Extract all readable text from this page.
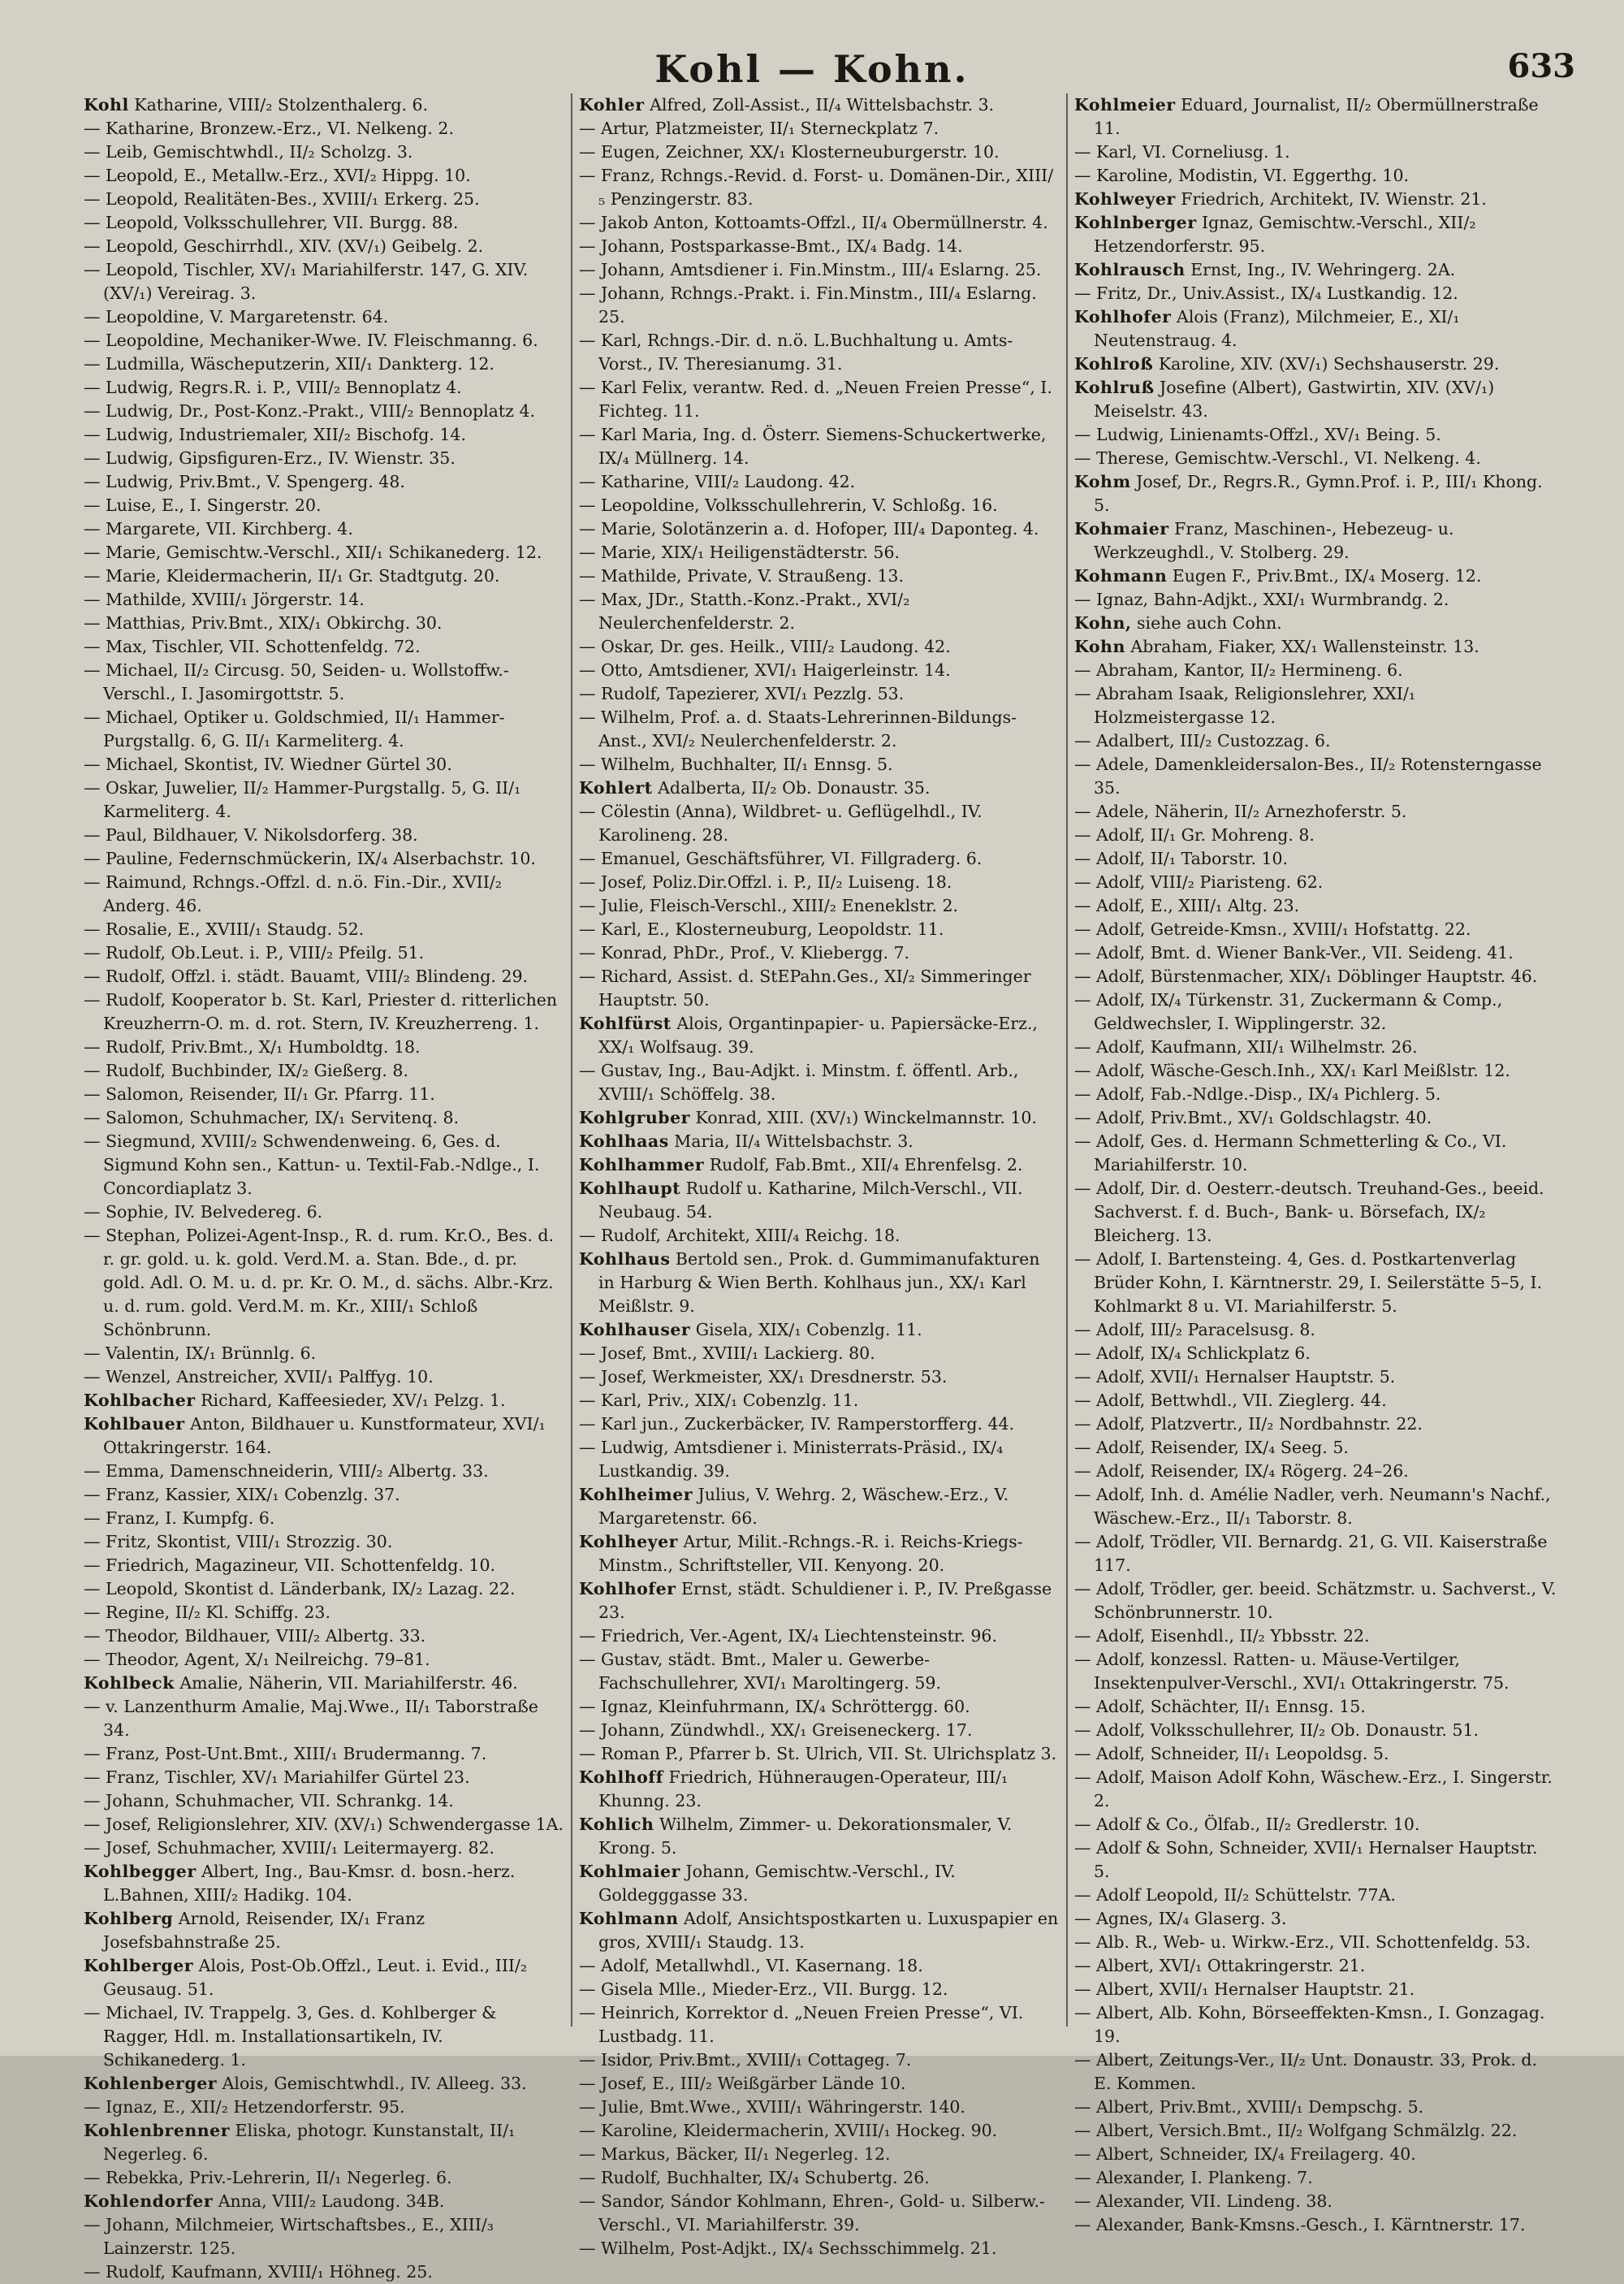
Kohl — Kohn.	633
Kohl Katharine, VIII/₂ Stolzenthalerg. 6.
— Katharine, Bronzew.-Erz., VI. Nelkeng. 2.
— Leib, Gemischtwhdl., II/₂ Scholzg. 3.
— Leopold, E., Metallw.-Erz., XVI/₂ Hippg. 10.
— Leopold, Realitäten-Bes., XVIII/₁ Erkerg. 25.
— Leopold, Volksschullehrer, VII. Burgg. 88.
— Leopold, Geschirrhdl., XIV. (XV/₁) Geibelg. 2.
— Leopold, Tischler, XV/₁ Mariahilferstr. 147, G. XIV. (XV/₁) Vereirag. 3.
— Leopoldine, V. Margaretenstr. 64.
— Leopoldine, Mechaniker-Wwe. IV. Fleischmanng. 6.
— Ludmilla, Wäscheputzerin, XII/₁ Dankterg. 12.
— Ludwig, Regrs.R. i. P., VIII/₂ Bennoplatz 4.
— Ludwig, Dr., Post-Konz.-Prakt., VIII/₂ Bennoplatz 4.
— Ludwig, Industriemaler, XII/₂ Bischofg. 14.
— Ludwig, Gipsfiguren-Erz., IV. Wienstr. 35.
— Ludwig, Priv.Bmt., V. Spengerg. 48.
— Luise, E., I. Singerstr. 20.
— Margarete, VII. Kirchberg. 4.
— Marie, Gemischtw.-Verschl., XII/₁ Schikanederg. 12.
— Marie, Kleidermacherin, II/₁ Gr. Stadtgutg. 20.
— Mathilde, XVIII/₁ Jörgerstr. 14.
— Matthias, Priv.Bmt., XIX/₁ Obkirchg. 30.
— Max, Tischler, VII. Schottenfeldg. 72.
— Michael, II/₂ Circusg. 50, Seiden- u. Wollstoffw.-Verschl., I. Jasomirgottstr. 5.
— Michael, Optiker u. Goldschmied, II/₁ Hammer-Purgstallg. 6, G. II/₁ Karmeliterg. 4.
— Michael, Skontist, IV. Wiedner Gürtel 30.
— Oskar, Juwelier, II/₂ Hammer-Purgstallg. 5, G. II/₁ Karmeliterg. 4.
— Paul, Bildhauer, V. Nikolsdorferg. 38.
— Pauline, Federnschmückerin, IX/₄ Alserbachstr. 10.
— Raimund, Rchngs.-Offzl. d. n.ö. Fin.-Dir., XVII/₂ Anderg. 46.
— Rosalie, E., XVIII/₁ Staudg. 52.
— Rudolf, Ob.Leut. i. P., VIII/₂ Pfeilg. 51.
— Rudolf, Offzl. i. städt. Bauamt, VIII/₂ Blindeng. 29.
— Rudolf, Kooperator b. St. Karl, Priester d. ritterlichen Kreuzherrn-O. m. d. rot. Stern, IV. Kreuzherreng. 1.
— Rudolf, Priv.Bmt., X/₁ Humboldtg. 18.
— Rudolf, Buchbinder, IX/₂ Gießerg. 8.
— Salomon, Reisender, II/₁ Gr. Pfarrg. 11.
— Salomon, Schuhmacher, IX/₁ Servitenq. 8.
— Siegmund, XVIII/₂ Schwendenweing. 6, Ges. d. Sigmund Kohn sen., Kattun- u. Textil-Fab.-Ndlge., I. Concordiaplatz 3.
— Sophie, IV. Belvedereg. 6.
— Stephan, Polizei-Agent-Insp., R. d. rum. Kr.O., Bes. d. r. gr. gold. u. k. gold. Verd.M. a. Stan. Bde., d. pr. gold. Adl. O. M. u. d. pr. Kr. O. M., d. sächs. Albr.-Krz. u. d. rum. gold. Verd.M. m. Kr., XIII/₁ Schloß Schönbrunn.
— Valentin, IX/₁ Brünnlg. 6.
— Wenzel, Anstreicher, XVII/₁ Palffyg. 10.
Kohlbacher Richard, Kaffeesieder, XV/₁ Pelzg. 1.
Kohlbauer Anton, Bildhauer u. Kunstformateur, XVI/₁ Ottakringerstr. 164.
— Emma, Damenschneiderin, VIII/₂ Albertg. 33.
— Franz, Kassier, XIX/₁ Cobenzlg. 37.
— Franz, I. Kumpfg. 6.
— Fritz, Skontist, VIII/₁ Strozzig. 30.
— Friedrich, Magazineur, VII. Schottenfeldg. 10.
— Leopold, Skontist d. Länderbank, IX/₂ Lazag. 22.
— Regine, II/₂ Kl. Schiffg. 23.
— Theodor, Bildhauer, VIII/₂ Albertg. 33.
— Theodor, Agent, X/₁ Neilreichg. 79–81.
Kohlbeck Amalie, Näherin, VII. Mariahilferstr. 46.
— v. Lanzenthurm Amalie, Maj.Wwe., II/₁ Taborstraße 34.
— Franz, Post-Unt.Bmt., XIII/₁ Brudermanng. 7.
— Franz, Tischler, XV/₁ Mariahilfer Gürtel 23.
— Johann, Schuhmacher, VII. Schrankg. 14.
— Josef, Religionslehrer, XIV. (XV/₁) Schwendergasse 1A.
— Josef, Schuhmacher, XVIII/₁ Leitermayerg. 82.
Kohlbegger Albert, Ing., Bau-Kmsr. d. bosn.-herz. L.Bahnen, XIII/₂ Hadikg. 104.
Kohlberg Arnold, Reisender, IX/₁ Franz Josefsbahnstraße 25.
Kohlberger Alois, Post-Ob.Offzl., Leut. i. Evid., III/₂ Geusaug. 51.
— Michael, IV. Trappelg. 3, Ges. d. Kohlberger & Ragger, Hdl. m. Installationsartikeln, IV. Schikanederg. 1.
Kohlenberger Alois, Gemischtwhdl., IV. Alleeg. 33.
— Ignaz, E., XII/₂ Hetzendorferstr. 95.
Kohlenbrenner Eliska, photogr. Kunstanstalt, II/₁ Negerleg. 6.
— Rebekka, Priv.-Lehrerin, II/₁ Negerleg. 6.
Kohlendorfer Anna, VIII/₂ Laudong. 34B.
— Johann, Milchmeier, Wirtschaftsbes., E., XIII/₃ Lainzerstr. 125.
— Rudolf, Kaufmann, XVIII/₁ Höhneg. 25.
Kohler Alfred, Zoll-Assist., II/₄ Wittelsbachstr. 3.
— Artur, Platzmeister, II/₁ Sterneckplatz 7.
— Eugen, Zeichner, XX/₁ Klosterneuburgerstr. 10.
— Franz, Rchngs.-Revid. d. Forst- u. Domänen-Dir., XIII/₅ Penzingerstr. 83.
— Jakob Anton, Kottoamts-Offzl., II/₄ Obermüllnerstr. 4.
— Johann, Postsparkasse-Bmt., IX/₄ Badg. 14.
— Johann, Amtsdiener i. Fin.Minstm., III/₄ Eslarng. 25.
— Johann, Rchngs.-Prakt. i. Fin.Minstm., III/₄ Eslarng. 25.
— Karl, Rchngs.-Dir. d. n.ö. L.Buchhaltung u. Amts-Vorst., IV. Theresianumg. 31.
— Karl Felix, verantw. Red. d. „Neuen Freien Presse“, I. Fichteg. 11.
— Karl Maria, Ing. d. Österr. Siemens-Schuckertwerke, IX/₄ Müllnerg. 14.
— Katharine, VIII/₂ Laudong. 42.
— Leopoldine, Volksschullehrerin, V. Schloßg. 16.
— Marie, Solotänzerin a. d. Hofoper, III/₄ Daponteg. 4.
— Marie, XIX/₁ Heiligenstädterstr. 56.
— Mathilde, Private, V. Straußeng. 13.
— Max, JDr., Statth.-Konz.-Prakt., XVI/₂ Neulerchenfelderstr. 2.
— Oskar, Dr. ges. Heilk., VIII/₂ Laudong. 42.
— Otto, Amtsdiener, XVI/₁ Haigerleinstr. 14.
— Rudolf, Tapezierer, XVI/₁ Pezzlg. 53.
— Wilhelm, Prof. a. d. Staats-Lehrerinnen-Bildungs-Anst., XVI/₂ Neulerchenfelderstr. 2.
— Wilhelm, Buchhalter, II/₁ Ennsg. 5.
Kohlert Adalberta, II/₂ Ob. Donaustr. 35.
— Cölestin (Anna), Wildbret- u. Geflügelhdl., IV. Karolineng. 28.
— Emanuel, Geschäftsführer, VI. Fillgraderg. 6.
— Josef, Poliz.Dir.Offzl. i. P., II/₂ Luiseng. 18.
— Julie, Fleisch-Verschl., XIII/₂ Eneneklstr. 2.
— Karl, E., Klosterneuburg, Leopoldstr. 11.
— Konrad, PhDr., Prof., V. Kliebergg. 7.
— Richard, Assist. d. StEPahn.Ges., XI/₂ Simmeringer Hauptstr. 50.
Kohlfürst Alois, Organtinpapier- u. Papiersäcke-Erz., XX/₁ Wolfsaug. 39.
— Gustav, Ing., Bau-Adjkt. i. Minstm. f. öffentl. Arb., XVIII/₁ Schöffelg. 38.
Kohlgruber Konrad, XIII. (XV/₁) Winckelmannstr. 10.
Kohlhaas Maria, II/₄ Wittelsbachstr. 3.
Kohlhammer Rudolf, Fab.Bmt., XII/₄ Ehrenfelsg. 2.
Kohlhaupt Rudolf u. Katharine, Milch-Verschl., VII. Neubaug. 54.
— Rudolf, Architekt, XIII/₄ Reichg. 18.
Kohlhaus Bertold sen., Prok. d. Gummimanufakturen in Harburg & Wien Berth. Kohlhaus jun., XX/₁ Karl Meißlstr. 9.
Kohlhauser Gisela, XIX/₁ Cobenzlg. 11.
— Josef, Bmt., XVIII/₁ Lackierg. 80.
— Josef, Werkmeister, XX/₁ Dresdnerstr. 53.
— Karl, Priv., XIX/₁ Cobenzlg. 11.
— Karl jun., Zuckerbäcker, IV. Ramperstorfferg. 44.
— Ludwig, Amtsdiener i. Ministerrats-Präsid., IX/₄ Lustkandig. 39.
Kohlheimer Julius, V. Wehrg. 2, Wäschew.-Erz., V. Margaretenstr. 66.
Kohlheyer Artur, Milit.-Rchngs.-R. i. Reichs-Kriegs-Minstm., Schriftsteller, VII. Kenyong. 20.
Kohlhofer Ernst, städt. Schuldiener i. P., IV. Preßgasse 23.
— Friedrich, Ver.-Agent, IX/₄ Liechtensteinstr. 96.
— Gustav, städt. Bmt., Maler u. Gewerbe-Fachschullehrer, XVI/₁ Maroltingerg. 59.
— Ignaz, Kleinfuhrmann, IX/₄ Schröttergg. 60.
— Johann, Zündwhdl., XX/₁ Greiseneckerg. 17.
— Roman P., Pfarrer b. St. Ulrich, VII. St. Ulrichsplatz 3.
Kohlhoff Friedrich, Hühneraugen-Operateur, III/₁ Khunng. 23.
Kohlich Wilhelm, Zimmer- u. Dekorationsmaler, V. Krong. 5.
Kohlmaier Johann, Gemischtw.-Verschl., IV. Goldegggasse 33.
Kohlmann Adolf, Ansichtspostkarten u. Luxuspapier en gros, XVIII/₁ Staudg. 13.
— Adolf, Metallwhdl., VI. Kasernang. 18.
— Gisela Mlle., Mieder-Erz., VII. Burgg. 12.
— Heinrich, Korrektor d. „Neuen Freien Presse“, VI. Lustbadg. 11.
— Isidor, Priv.Bmt., XVIII/₁ Cottageg. 7.
— Josef, E., III/₂ Weißgärber Lände 10.
— Julie, Bmt.Wwe., XVIII/₁ Währingerstr. 140.
— Karoline, Kleidermacherin, XVIII/₁ Hockeg. 90.
— Markus, Bäcker, II/₁ Negerleg. 12.
— Rudolf, Buchhalter, IX/₄ Schubertg. 26.
— Sandor, Sándor Kohlmann, Ehren-, Gold- u. Silberw.-Verschl., VI. Mariahilferstr. 39.
— Wilhelm, Post-Adjkt., IX/₄ Sechsschimmelg. 21.
Kohlmeier Eduard, Journalist, II/₂ Obermüllnerstraße 11.
— Karl, VI. Corneliusg. 1.
— Karoline, Modistin, VI. Eggerthg. 10.
Kohlweyer Friedrich, Architekt, IV. Wienstr. 21.
Kohlnberger Ignaz, Gemischtw.-Verschl., XII/₂ Hetzendorferstr. 95.
Kohlrausch Ernst, Ing., IV. Wehringerg. 2A.
— Fritz, Dr., Univ.Assist., IX/₄ Lustkandig. 12.
Kohlhofer Alois (Franz), Milchmeier, E., XI/₁ Neutenstraug. 4.
Kohlroß Karoline, XIV. (XV/₁) Sechshauserstr. 29.
Kohlruß Josefine (Albert), Gastwirtin, XIV. (XV/₁) Meiselstr. 43.
— Ludwig, Linienamts-Offzl., XV/₁ Being. 5.
— Therese, Gemischtw.-Verschl., VI. Nelkeng. 4.
Kohm Josef, Dr., Regrs.R., Gymn.Prof. i. P., III/₁ Khong. 5.
Kohmaier Franz, Maschinen-, Hebezeug- u. Werkzeughdl., V. Stolberg. 29.
Kohmann Eugen F., Priv.Bmt., IX/₄ Moserg. 12.
— Ignaz, Bahn-Adjkt., XXI/₁ Wurmbrandg. 2.
Kohn, siehe auch Cohn.
Kohn Abraham, Fiaker, XX/₁ Wallensteinstr. 13.
— Abraham, Kantor, II/₂ Hermineng. 6.
— Abraham Isaak, Religionslehrer, XXI/₁ Holzmeistergasse 12.
— Adalbert, III/₂ Custozzag. 6.
— Adele, Damenkleidersalon-Bes., II/₂ Rotensterngasse 35.
— Adele, Näherin, II/₂ Arnezhoferstr. 5.
— Adolf, II/₁ Gr. Mohreng. 8.
— Adolf, II/₁ Taborstr. 10.
— Adolf, VIII/₂ Piaristeng. 62.
— Adolf, E., XIII/₁ Altg. 23.
— Adolf, Getreide-Kmsn., XVIII/₁ Hofstattg. 22.
— Adolf, Bmt. d. Wiener Bank-Ver., VII. Seideng. 41.
— Adolf, Bürstenmacher, XIX/₁ Döblinger Hauptstr. 46.
— Adolf, IX/₄ Türkenstr. 31, Zuckermann & Comp., Geldwechsler, I. Wipplingerstr. 32.
— Adolf, Kaufmann, XII/₁ Wilhelmstr. 26.
— Adolf, Wäsche-Gesch.Inh., XX/₁ Karl Meißlstr. 12.
— Adolf, Fab.-Ndlge.-Disp., IX/₄ Pichlerg. 5.
— Adolf, Priv.Bmt., XV/₁ Goldschlagstr. 40.
— Adolf, Ges. d. Hermann Schmetterling & Co., VI. Mariahilferstr. 10.
— Adolf, Dir. d. Oesterr.-deutsch. Treuhand-Ges., beeid. Sachverst. f. d. Buch-, Bank- u. Börsefach, IX/₂ Bleicherg. 13.
— Adolf, I. Bartensteing. 4, Ges. d. Postkartenverlag Brüder Kohn, I. Kärntnerstr. 29, I. Seilerstätte 5–5, I. Kohlmarkt 8 u. VI. Mariahilferstr. 5.
— Adolf, III/₂ Paracelsusg. 8.
— Adolf, IX/₄ Schlickplatz 6.
— Adolf, XVII/₁ Hernalser Hauptstr. 5.
— Adolf, Bettwhdl., VII. Zieglerg. 44.
— Adolf, Platzvertr., II/₂ Nordbahnstr. 22.
— Adolf, Reisender, IX/₄ Seeg. 5.
— Adolf, Reisender, IX/₄ Rögerg. 24–26.
— Adolf, Inh. d. Amélie Nadler, verh. Neumann's Nachf., Wäschew.-Erz., II/₁ Taborstr. 8.
— Adolf, Trödler, VII. Bernardg. 21, G. VII. Kaiserstraße 117.
— Adolf, Trödler, ger. beeid. Schätzmstr. u. Sachverst., V. Schönbrunnerstr. 10.
— Adolf, Eisenhdl., II/₂ Ybbsstr. 22.
— Adolf, konzessl. Ratten- u. Mäuse-Vertilger, Insektenpulver-Verschl., XVI/₁ Ottakringerstr. 75.
— Adolf, Schächter, II/₁ Ennsg. 15.
— Adolf, Volksschullehrer, II/₂ Ob. Donaustr. 51.
— Adolf, Schneider, II/₁ Leopoldsg. 5.
— Adolf, Maison Adolf Kohn, Wäschew.-Erz., I. Singerstr. 2.
— Adolf & Co., Ölfab., II/₂ Gredlerstr. 10.
— Adolf & Sohn, Schneider, XVII/₁ Hernalser Hauptstr. 5.
— Adolf Leopold, II/₂ Schüttelstr. 77A.
— Agnes, IX/₄ Glaserg. 3.
— Alb. R., Web- u. Wirkw.-Erz., VII. Schottenfeldg. 53.
— Albert, XVI/₁ Ottakringerstr. 21.
— Albert, XVII/₁ Hernalser Hauptstr. 21.
— Albert, Alb. Kohn, Börseeffekten-Kmsn., I. Gonzagag. 19.
— Albert, Zeitungs-Ver., II/₂ Unt. Donaustr. 33, Prok. d. E. Kommen.
— Albert, Priv.Bmt., XVIII/₁ Dempschg. 5.
— Albert, Versich.Bmt., II/₂ Wolfgang Schmälzlg. 22.
— Albert, Schneider, IX/₄ Freilagerg. 40.
— Alexander, I. Plankeng. 7.
— Alexander, VII. Lindeng. 38.
— Alexander, Bank-Kmsns.-Gesch., I. Kärntnerstr. 17.
